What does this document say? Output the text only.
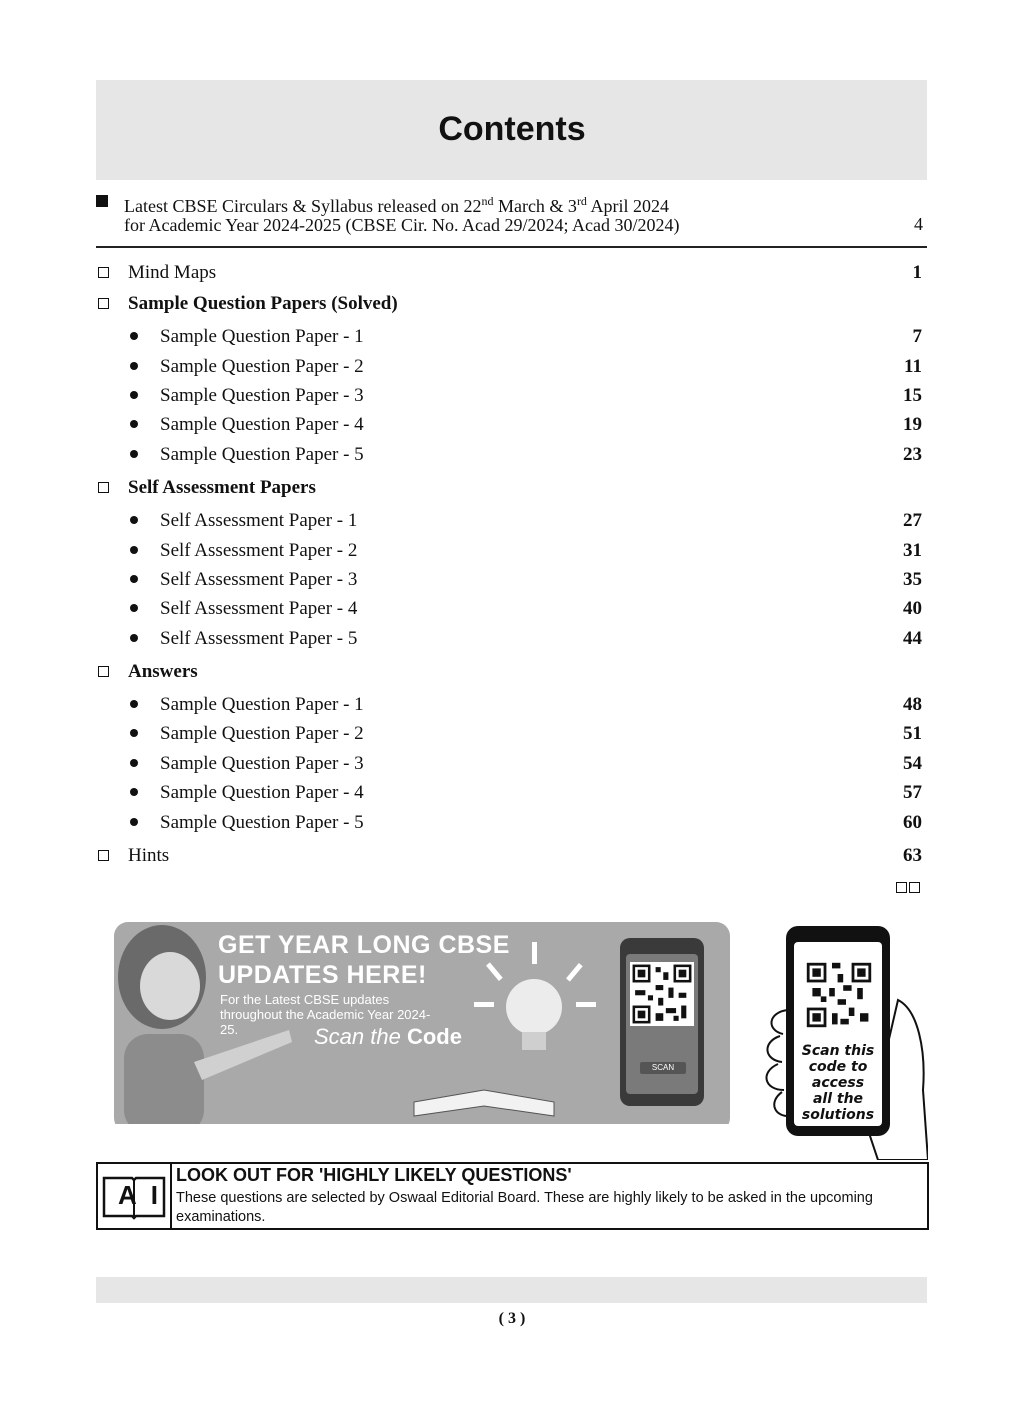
Contents
Latest CBSE Circulars & Syllabus released on 22nd March & 3rd April 2024
for Academic Year 2024-2025 (CBSE Cir. No. Acad 29/2024; Acad 30/2024)	4
Mind Maps	1
Sample Question Papers (Solved)
Sample Question Paper - 1	7
Sample Question Paper - 2	11
Sample Question Paper - 3	15
Sample Question Paper - 4	19
Sample Question Paper - 5	23
Self Assessment Papers
Self Assessment Paper - 1	27
Self Assessment Paper - 2	31
Self Assessment Paper - 3	35
Self Assessment Paper - 4	40
Self Assessment Paper - 5	44
Answers
Sample Question Paper - 1	48
Sample Question Paper - 2	51
Sample Question Paper - 3	54
Sample Question Paper - 4	57
Sample Question Paper - 5	60
Hints	63
GET YEAR LONG CBSE
UPDATES HERE!
For the Latest CBSE updates throughout the Academic Year 2024-25.	Scan the Code
SCAN
Scan this
code to
access
all the
solutions
AI
LOOK OUT FOR 'HIGHLY LIKELY QUESTIONS'
These questions are selected by Oswaal Editorial Board. These are highly likely to be asked in the upcoming examinations.
( 3 )
